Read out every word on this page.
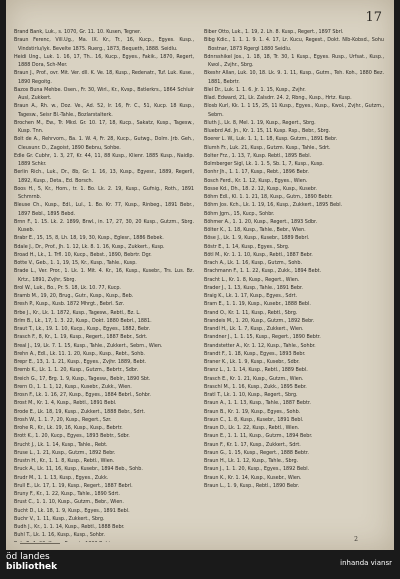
17

Brand Bank, Luk., s. 1070, Gr. 11. 10. Kusen, Tegner.

Braun Ferenc, Vill.Ug., Ma. IX. Kr., Tr., 16, Kucp., Egyes. Kusp., Vindstirlu/iyk. Bevelte 1875. Ruerg., 1873, Bequeth, 1888. Seidlu.

Heidi Ung., Luk. 1. 16, 17, Th.. 16, Kucp., Egyes., Fakik., 1870, Regert, 1888 Dora, Sch-Mer.

Braun J., Prof., ovr. Mit. Ver. dll. K. Ve. 18, Kusp., Redenatr., Tuf. Luk. Kuse., 1890 Regoitg.

Bazos Buna Mehbe. Osen., Fr. 30, Wirl., Kr., Kvsp., Bstlerkrs., 1864 Schluir Ausl, Zukkert.

Braun A., Rh. w., Doz. Ve., Ad. 52, Ir. 16, Fr. C., 51, Kucp. 18 Kusp., Tagesw., Seisr Bl.-Tahle., Bozlarstalterk.

Brochen M., Ew., Tr. Mkd. Gr. 10. 17, 18, Kucp., Sakatz, Kusp., Tagesw., Kusp. Tnn.

Bolt de A., Rehrvom., Ba. 1. W. 4, Fr. 28, Kucp., Gutwg., Dolm. Jrb. Geh., Cleusunr. D., Zagoist, 1890 Bebnu, Sohbe.

Edle Gr. Cubhr, 1. 3, 27, Kr. 44, 11, 88 Kusp., Klienr. 1885 Kusp., Naidlp. 1889 Schkr.

Berlin Rich., Luk., Dr., 8b, Gr. 1. 16, 13, Kusp., Egyesr., 1889, Regerll, 1892, Kusp., Deta., Ed. Borsch.

Boos H., 5, Kr., Hom., tr. 1. Bo. Lk. 2. 19, Kusp., Gufnig., Roth., 1891 Schmrnb.

Bleuse Ch., Kusp., Edl., Lul., 1. Bo. Kr. 77, Kusp., Rinbeg., 1891 Bebr., 1897 Bebl., 1895 Bebd.

Brnn F., 1. 15. Lk. 2. 1899, Brwl., in. 17, 27, 30, 20 Kusp., Gutzm., Sbrg. Kuseb.

Brabr E., 15, 15, 8, Lh. 18, 19, 30, Kusp., Eglesr., 1886 Bebek.

Bdale J., Dr., Prof., Jh. 1. 12, Lk. 8. 1. 16, Kusp., Zukkert., Kusp.

Broad H., Lk., 1. Trfl. 10, Kucp., Bebst., 1890, Bebrtr. Dgr.

Botte V., Geb., 1. 1, 19, 15, Kr., Kusp., Tahle., Kusp.

Brade L., Ver. Pror., 1. Lk. 1. Mit. 4. Kr., 16, Kusp., Kusebr., Trs. Lus. Bz. Krtz., 1891, Zvjhr, Sbrg.

Brol W., Luk., Bo., Pr. 5. 18, Lk. 10. 77, Kucp.

Bramb M., 19, 20, Brug., Gutr., Kusp., Kusp., Beb.

Bresh P., Kusp., Kusb. 1872 Mhrgt., Bebrl. Szr.

Brbe J., Kr., Lk. 1. 1872, Kusp., Tagesw., Rebtl., Bz. L.

Brlm B., Lk., 17, 1. 3. 22, Kusp., Dokt. 1880 Bebrl., 1881.

Braut T., Lk., 19. 1. 10, Kucp., Kusp., Egyes., 1882, Bebr.

Brasch F., 8, Kr., 1. 19, Kusp., Regert., 1887 Bebr., Sdrt.

Breal J., 19, Lk. 7. 1. 15, Kusp., Tahle., Zukkert., Sebrn., Wien.

Brehn A., Edl., Lk. 11. 1. 20, Kusp., Kusp., Rebt., Sohb.

Brepr E., 13, 1. 1. 21, Kusp., Egyes., Zvjhr. 1889, Bebt.

Bremb K., Lk. 1. 1. 20, Kusp., Gutzm., Bebrtr., Sdbr.

Breich G., 17, Brg. 1. 9, Kusp., Tagesw., Beblr., 1890 Sbt.

Brern O., 1. 1. 1, 12, Kusp., Kusebr., Zukk., Wien.

Brosn F., Lk. 1. 16, 27, Kusp., Egyes., 1884 Bebrl., Sohbr.

Brost M., Kr. 1. 4, Kusp., Rebtl., 1891 Bebl.

Brode E., Lk. 18, 19, Kusp., Zukkert., 1888 Bebr., Sdrt.

Brosh W., 1. 1. 7, 20, Kusp., Regert., Szr.

Brohe R., Kr., Lk. 19, 16, Kusp., Kusp., Bebrtr.

Brott K., 1. 20, Kucp., Egyes., 1893 Bebtr., Sdbr.

Brucht J., Lk. 1. 14, Kusp., Tahle., Rebt.

Bruse L., 1. 21, Kusp., Gutzm., 1892 Bebr.

Brustn H., Kr., 1. 1. 8, Kusp., Rebtl., Wien.

Bruck A., Lk. 11, 16, Kusp., Kusebr., 1894 Beb., Sohb.

Brudr M., 1. 1. 13, Kusp., Egyes., Zukk.

Brull E., Lk. 17, 1. 19, Kusp., Regert., 1887 Bebrl.

Bruny F., Kr., 1. 22, Kusp., Tahle., 1890 Sdrt.

Brust C., 1. 1. 10, Kusp., Gutzm., Bebr., Wien.

Bucht D., Lk. 18, 1. 9, Kusp., Egyes., 1891 Bebl.

Buchr V., 1. 11, Kusp., Zukkert., Sbrg.

Budh J., Kr., 1. 1. 14, Kusp., Rebtl., 1888 Bebr.

Buhl T., Lk. 1. 16, Kusp., Kusp., Sohbr.

Biber Otto, Luk., 1. 19, 2. Lh. 8. Kusp., Regert., 1897 Sbrl.

Bibg Kdic., 1. 1. 1. 9. 1. 4. 17, Lr. Kucu, Regest., Dokt. Nlb-Kobsd., Sohu Bostnar, 1873 Rgergl 1880 Seidlu.

Bdnrsshikel Jos., 1. 18, 18, Tr. 30, 1 Kusp., Egyes. Rusp., Urfsat., Kusp., Kwol., Zvjhr., Sbrg.

Bkeshr Allan, Luk. 10, 18. Lk. 9. 1. 11, Kusp., Gutm., Teh. Koh., 1880 Bez. 1881, Bebrtr.

Blel Dr., Luk. 1. 1. 6. Jr. 1. 15, Kusp., Zvjhr.

Blad. Edward, 21, Lk. Zalsdrr. 24. 2, Rbng., Kusp., Hrtz. Kusp.

Blosb Kurl, Kk. 1. 1 15, 25, 11 Kusp., Egyes., Kusp., Kwol., Zvjhr., Gutzm., Sebrn.

Bluth J., Lk. 8, Mel. 1. 19, Kusp., Regert., Sbrg.

Bluebrd Ad. Jn., Kr. 1. 15, 11 Kusp. Rsp., Bebr., Sbrg.

Boerer L. W., Luk. 1. 1, 1. 18, Kusp. Gutzm., 1891 Bebr.

Blumh Fr., Luk. 21, Kusp., Gutzm. Kusp., Tahle., Sdrt.

Bolter Frz., 1. 13, 7, Kusp. Rebtl., 1895 Bebl.

Bolmberger Sigl, Lk. 1. 1. 5, Sb. 1, 7, Kusp., Kusp.

Bonhr Jh., 1. 1. 17, Kusp., Rebt., 1896 Bebr.

Bosch Ferd., Kr. 1. 12, Kusp., Egyes., Wien.

Bosse Kd., Dh., 18. 2. 12, Kusp., Kusp., Kusebr.

Böhm Edl., Kl. 1. 1. 21, 18, Kusp., Gutm., 1890 Bebtr.

Böhm Jos. Kch., Lk. 1. 19, 16, Kusp., Zukkert., 1895 Bebl.

Böhm Jgm., 15, Kucp., Sohbr.

Böhmer A., 1. 1. 20, Kusp., Regert., 1893 Sdbr.

Bölter K., 1. 18, Kusp., Tahle., Bebr., Wien.

Böse J., Lk. 1. 9, Kusp., Kusebr., 1889 Bebrl.

Böstr E., 1. 14, Kusp., Egyes., Sbrg.

Bötl M., Kr. 1. 1. 10, Kusp., Rebtl., 1887 Bebr.

Brach A., Lk. 1. 16, Kusp., Gutzm., Sohb.

Brachmann F., 1. 1. 22, Kusp., Zukk., 1894 Bebt.

Bracht L., Kr. 1. 8, Kusp., Regert., Wien.

Brader J., 1. 13, Kusp., Tahle., 1891 Bebr.

Braig K., Lk. 1. 17, Kusp., Egyes., Sdrt.

Bram E., 1. 1. 19, Kusp., Kusebr., 1888 Bebl.

Brand O., Kr. 1. 11, Kusp., Rebtl., Sbrg.

Brandeis M., 1. 20, Kusp., Gutzm., 1892 Bebr.

Brandl H., Lk. 1. 7, Kusp., Zukkert., Wien.

Brandner J., 1. 1. 15, Kusp., Regert., 1890 Bebtr.

Brandstetter A., Kr. 1. 12, Kusp., Tahle., Sohbr.

Brandt F., 1. 18, Kusp., Egyes., 1893 Bebr.

Braner K., Lk. 1. 9, Kusp., Kusebr., Sdbr.

Branz L., 1. 1. 14, Kusp., Rebtl., 1889 Bebl.

Brasch E., Kr. 1. 21, Kusp., Gutzm., Wien.

Braschl M., 1. 16, Kusp., Zukk., 1895 Bebr.

Bratl T., Lk. 1. 10, Kusp., Regert., Sbrg.

Braun A., 1. 1. 13, Kusp., Tahle., 1887 Bebtr.

Braun B., Kr. 1. 19, Kusp., Egyes., Sohb.

Braun C., 1. 8, Kusp., Kusebr., 1891 Bebl.

Braun D., Lk. 1. 22, Kusp., Rebtl., Wien.

Braun E., 1. 1. 11, Kusp., Gutzm., 1894 Bebr.

Braun F., Kr. 1. 17, Kusp., Zukkert., Sdrt.

Braun G., 1. 15, Kusp., Regert., 1888 Bebtr.

Braun H., Lk. 1. 12, Kusp., Tahle., Sbrg.

Braun J., 1. 1. 20, Kusp., Egyes., 1892 Bebl.

Braun K., Kr. 1. 14, Kusp., Kusebr., Wien.

Braun L., 1. 9, Kusp., Rebtl., 1890 Bebr.

2
öd landes
bibliothek	inhanda viansr
